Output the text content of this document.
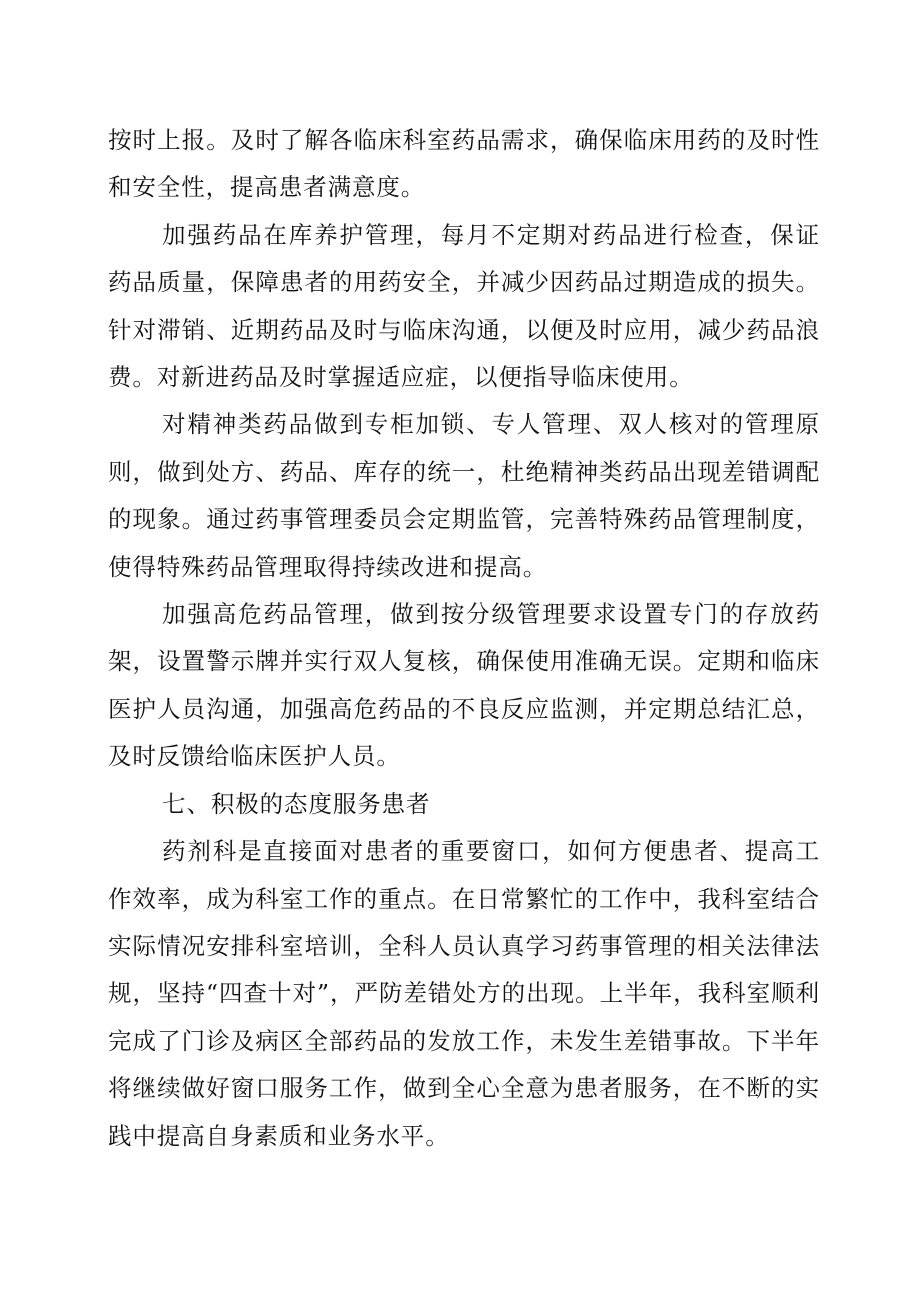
按时上报。及时了解各临床科室药品需求，确保临床用药的及时性和安全性，提高患者满意度。

加强药品在库养护管理，每月不定期对药品进行检查，保证药品质量，保障患者的用药安全，并减少因药品过期造成的损失。针对滞销、近期药品及时与临床沟通，以便及时应用，减少药品浪费。对新进药品及时掌握适应症，以便指导临床使用。

对精神类药品做到专柜加锁、专人管理、双人核对的管理原则，做到处方、药品、库存的统一，杜绝精神类药品出现差错调配的现象。通过药事管理委员会定期监管，完善特殊药品管理制度，使得特殊药品管理取得持续改进和提高。

加强高危药品管理，做到按分级管理要求设置专门的存放药架，设置警示牌并实行双人复核，确保使用准确无误。定期和临床医护人员沟通，加强高危药品的不良反应监测，并定期总结汇总，及时反馈给临床医护人员。

七、积极的态度服务患者

药剂科是直接面对患者的重要窗口，如何方便患者、提高工作效率，成为科室工作的重点。在日常繁忙的工作中，我科室结合实际情况安排科室培训，全科人员认真学习药事管理的相关法律法规，坚持“四查十对”，严防差错处方的出现。上半年，我科室顺利完成了门诊及病区全部药品的发放工作，未发生差错事故。下半年将继续做好窗口服务工作，做到全心全意为患者服务，在不断的实践中提高自身素质和业务水平。
